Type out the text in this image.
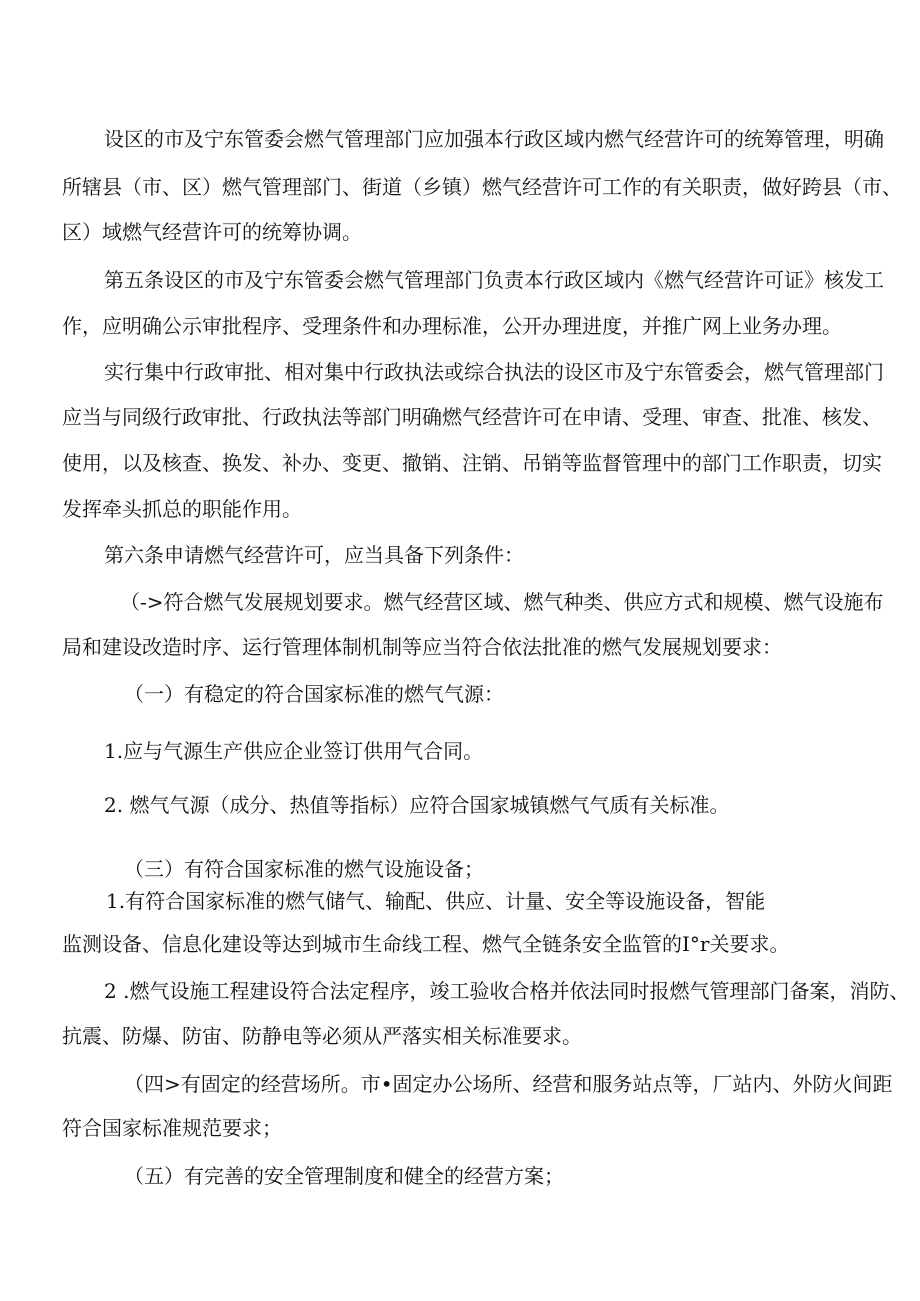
设区的市及宁东管委会燃气管理部门应加强本行政区域内燃气经营许可的统筹管理，明确

所辖县（市、区）燃气管理部门、街道（乡镇）燃气经营许可工作的有关职责，做好跨县（市、

区）域燃气经营许可的统筹协调。

第五条设区的市及宁东管委会燃气管理部门负责本行政区域内《燃气经营许可证》核发工

作，应明确公示审批程序、受理条件和办理标准，公开办理进度，并推广网上业务办理。

实行集中行政审批、相对集中行政执法或综合执法的设区市及宁东管委会，燃气管理部门

应当与同级行政审批、行政执法等部门明确燃气经营许可在申请、受理、审查、批准、核发、

使用，以及核查、换发、补办、变更、撤销、注销、吊销等监督管理中的部门工作职责，切实

发挥牵头抓总的职能作用。

第六条申请燃气经营许可，应当具备下列条件：

（->符合燃气发展规划要求。燃气经营区域、燃气种类、供应方式和规模、燃气设施布

局和建设改造时序、运行管理体制机制等应当符合依法批准的燃气发展规划要求：

（一）有稳定的符合国家标准的燃气气源：

1.应与气源生产供应企业签订供用气合同。

2. 燃气气源（成分、热值等指标）应符合国家城镇燃气气质有关标准。

（三）有符合国家标准的燃气设施设备；

1.有符合国家标准的燃气储气、输配、供应、计量、安全等设施设备，智能

监测设备、信息化建设等达到城市生命线工程、燃气全链条安全监管的I°r关要求。

2 .燃气设施工程建设符合法定程序，竣工验收合格并依法同时报燃气管理部门备案，消防、

抗震、防爆、防宙、防静电等必须从严落实相关标准要求。

（四>有固定的经营场所。市•固定办公场所、经营和服务站点等，厂站内、外防火间距

符合国家标准规范要求；

（五）有完善的安全管理制度和健全的经营方案；
